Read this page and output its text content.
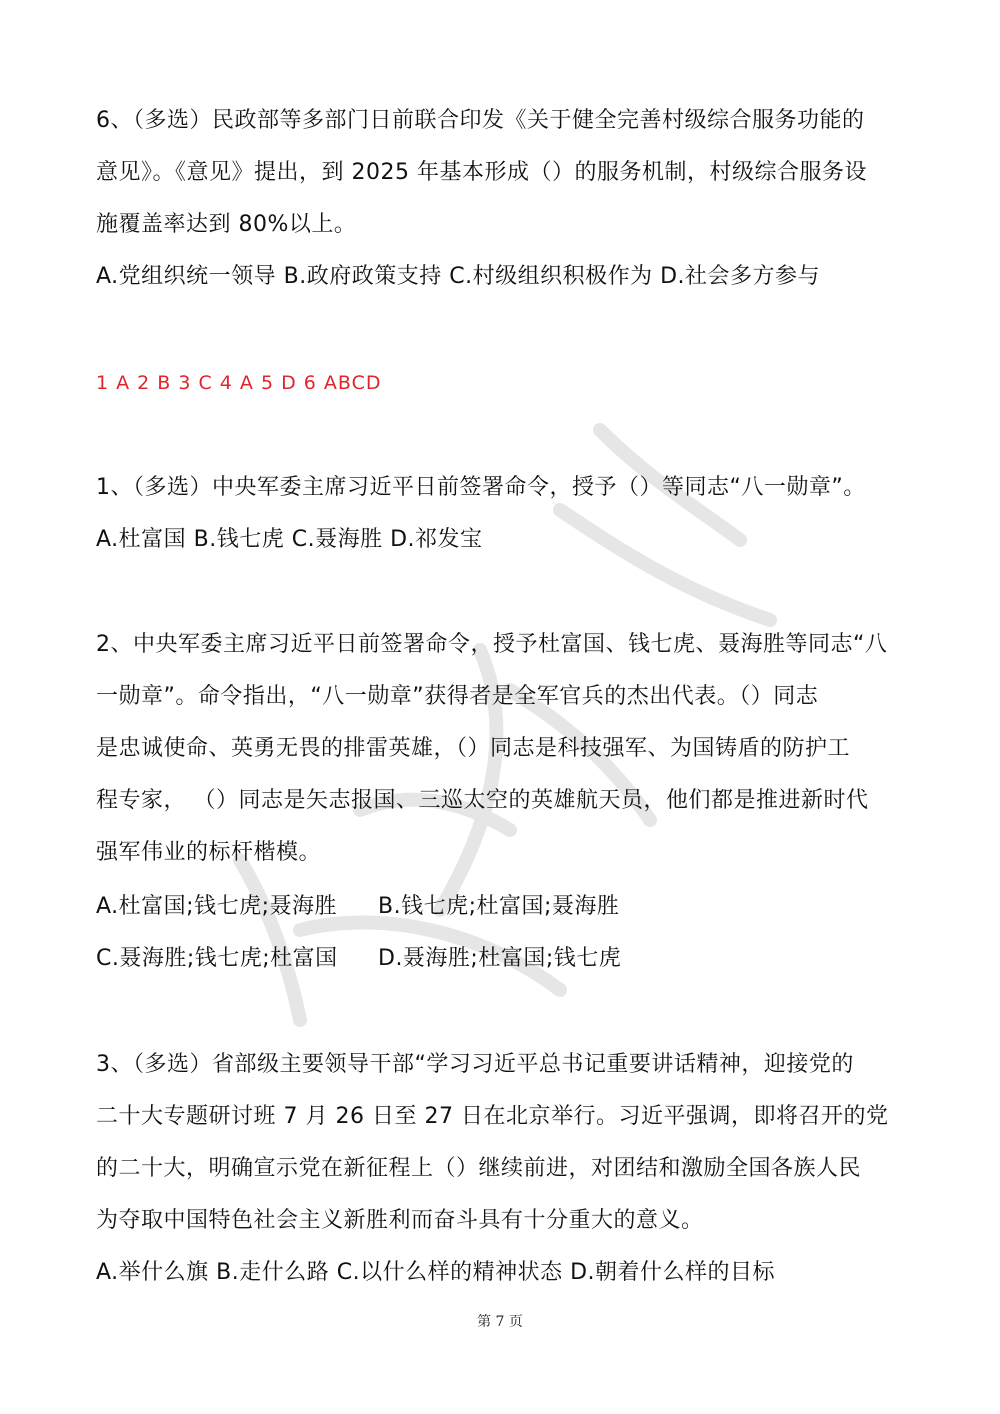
6、（多选）民政部等多部门日前联合印发《关于健全完善村级综合服务功能的
意见》。《意见》提出，到 2025 年基本形成（）的服务机制，村级综合服务设
施覆盖率达到 80%以上。
A.党组织统一领导 B.政府政策支持 C.村级组织积极作为 D.社会多方参与
1 A 2 B 3 C 4 A 5 D 6 ABCD
1、（多选）中央军委主席习近平日前签署命令，授予（）等同志“八一勋章”。
A.杜富国 B.钱七虎 C.聂海胜 D.祁发宝
2、中央军委主席习近平日前签署命令，授予杜富国、钱七虎、聂海胜等同志“八
一勋章”。命令指出，“八一勋章”获得者是全军官兵的杰出代表。（）同志
是忠诚使命、英勇无畏的排雷英雄，（）同志是科技强军、为国铸盾的防护工
程专家， （）同志是矢志报国、三巡太空的英雄航天员，他们都是推进新时代
强军伟业的标杆楷模。
A.杜富国;钱七虎;聂海胜 B.钱七虎;杜富国;聂海胜
C.聂海胜;钱七虎;杜富国 D.聂海胜;杜富国;钱七虎
3、（多选）省部级主要领导干部“学习习近平总书记重要讲话精神，迎接党的
二十大专题研讨班 7 月 26 日至 27 日在北京举行。习近平强调，即将召开的党
的二十大，明确宣示党在新征程上（）继续前进，对团结和激励全国各族人民
为夺取中国特色社会主义新胜利而奋斗具有十分重大的意义。
A.举什么旗 B.走什么路 C.以什么样的精神状态 D.朝着什么样的目标
第 7 页
